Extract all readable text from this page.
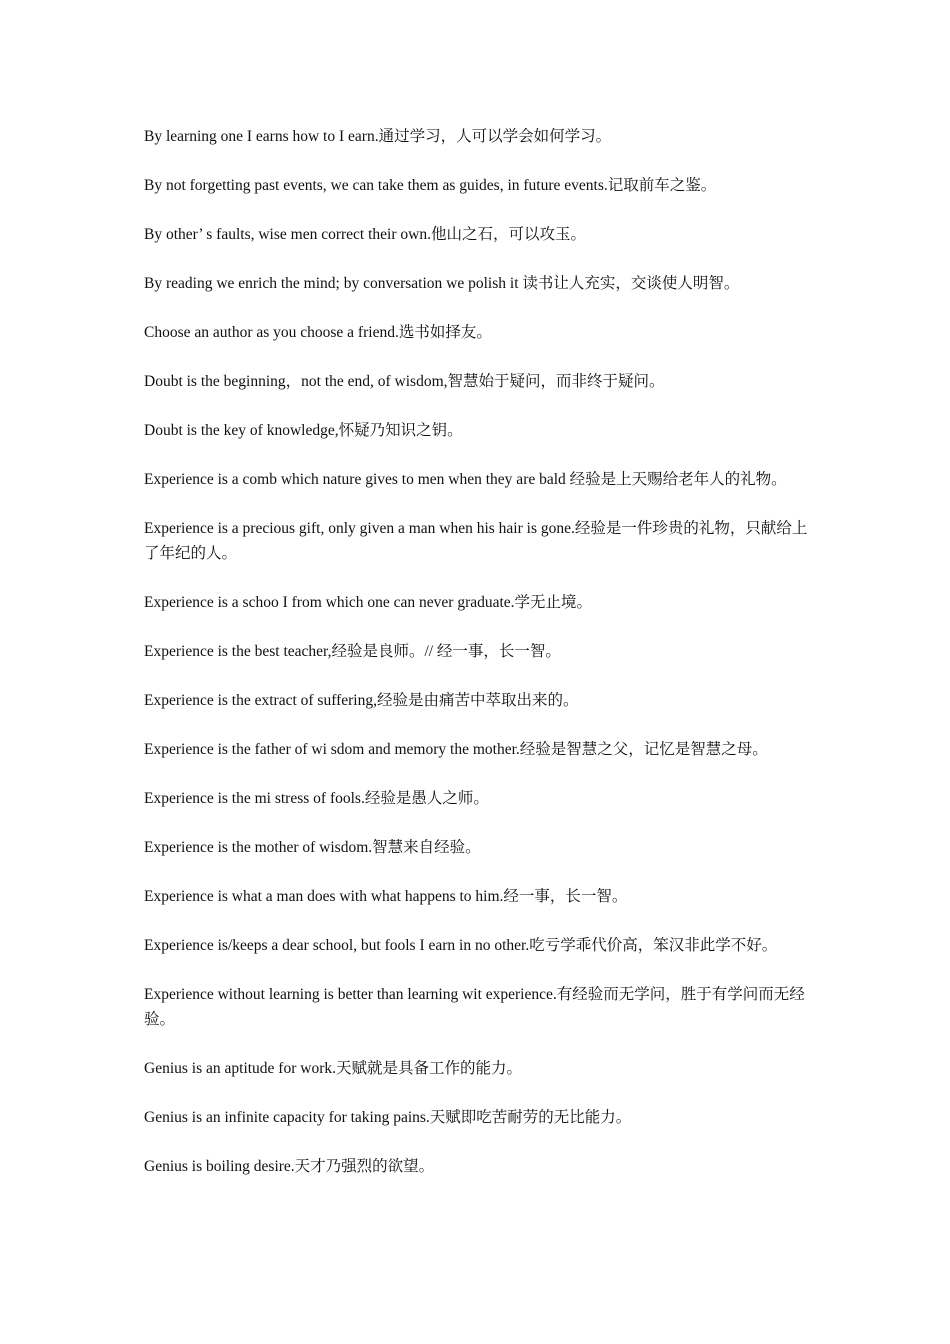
By learning one I earns how to I earn.通过学习，人可以学会如何学习。

By not forgetting past events, we can take them as guides, in future events.记取前车之鉴。

By other’ s faults, wise men correct their own.他山之石，可以攻玉。

By reading we enrich the mind; by conversation we polish it 读书让人充实，交谈使人明智。

Choose an author as you choose a friend.选书如择友。

Doubt is the beginning，not the end, of wisdom,智慧始于疑问，而非终于疑问。

Doubt is the key of knowledge,怀疑乃知识之钥。

Experience is a comb which nature gives to men when they are bald 经验是上天赐给老年人的礼物。

Experience is a precious gift, only given a man when his hair is gone.经验是一件珍贵的礼物，只献给上了年纪的人。

Experience is a schoo I from which one can never graduate.学无止境。

Experience is the best teacher,经验是良师。// 经一事，长一智。

Experience is the extract of suffering,经验是由痛苦中萃取出来的。

Experience is the father of wi sdom and memory the mother.经验是智慧之父，记忆是智慧之母。

Experience is the mi stress of fools.经验是愚人之师。

Experience is the mother of wisdom.智慧来自经验。

Experience is what a man does with what happens to him.经一事，长一智。

Experience is/keeps a dear school, but fools I earn in no other.吃亏学乖代价高，笨汉非此学不好。

Experience without learning is better than learning wit experience.有经验而无学问，胜于有学问而无经验。

Genius is an aptitude for work.天赋就是具备工作的能力。

Genius is an infinite capacity for taking pains.天赋即吃苦耐劳的无比能力。

Genius is boiling desire.天才乃强烈的欲望。
